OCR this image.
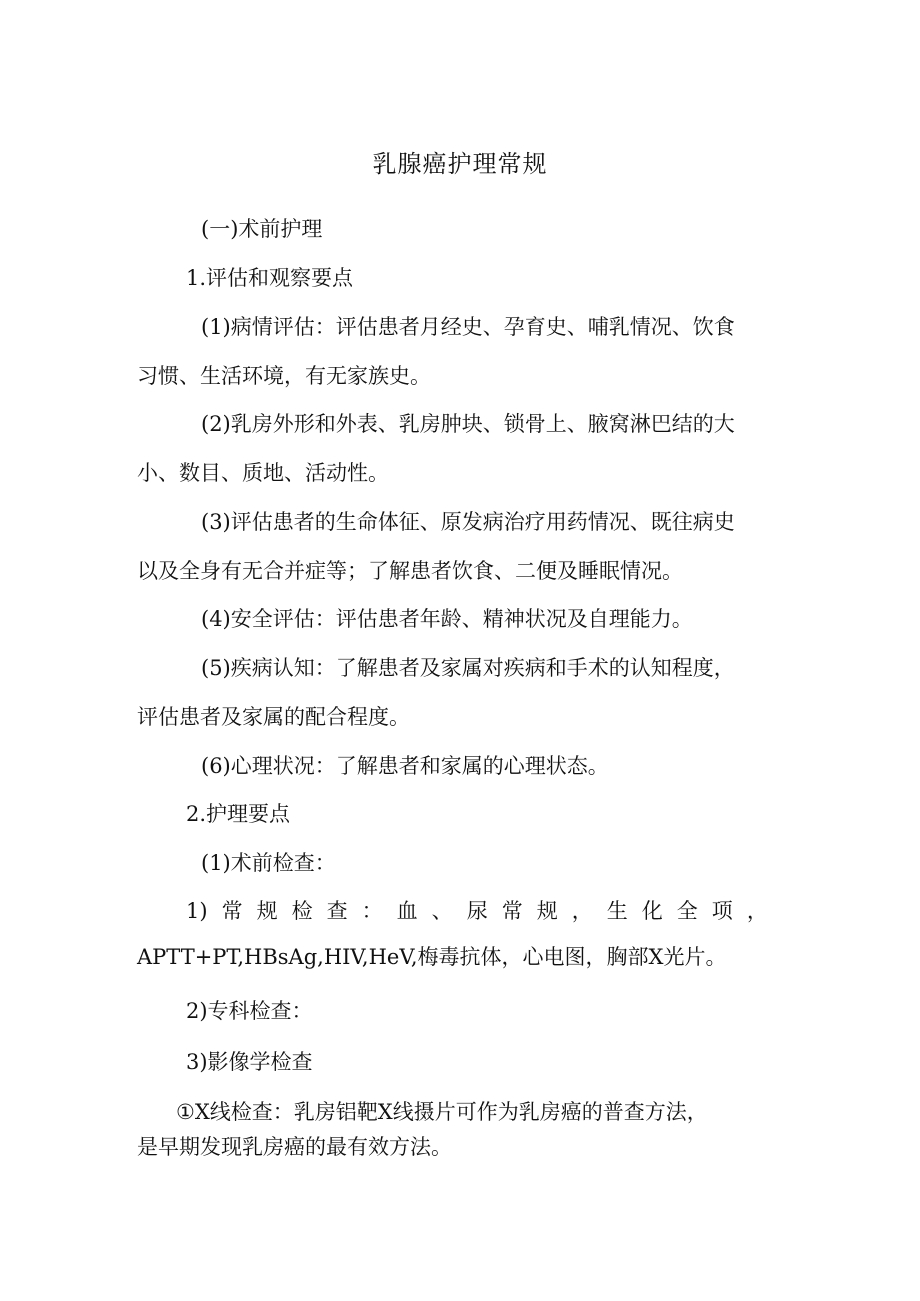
乳腺癌护理常规
(一)术前护理
1.评估和观察要点
(1)病情评估：评估患者月经史、孕育史、哺乳情况、饮食
习惯、生活环境，有无家族史。
(2)乳房外形和外表、乳房肿块、锁骨上、腋窝淋巴结的大
小、数目、质地、活动性。
(3)评估患者的生命体征、原发病治疗用药情况、既往病史
以及全身有无合并症等；了解患者饮食、二便及睡眠情况。
(4)安全评估：评估患者年龄、精神状况及自理能力。
(5)疾病认知：了解患者及家属对疾病和手术的认知程度，
评估患者及家属的配合程度。
(6)心理状况：了解患者和家属的心理状态。
2.护理要点
(1)术前检查：
1) 常 规 检 查 ： 血 、 尿 常 规 ， 生 化 全 项 ，
APTT+PT,HBsAg,HIV,HeV,梅毒抗体，心电图，胸部X光片。
2)专科检查：
3)影像学检查
①X线检查：乳房铝靶X线摄片可作为乳房癌的普查方法，
是早期发现乳房癌的最有效方法。
